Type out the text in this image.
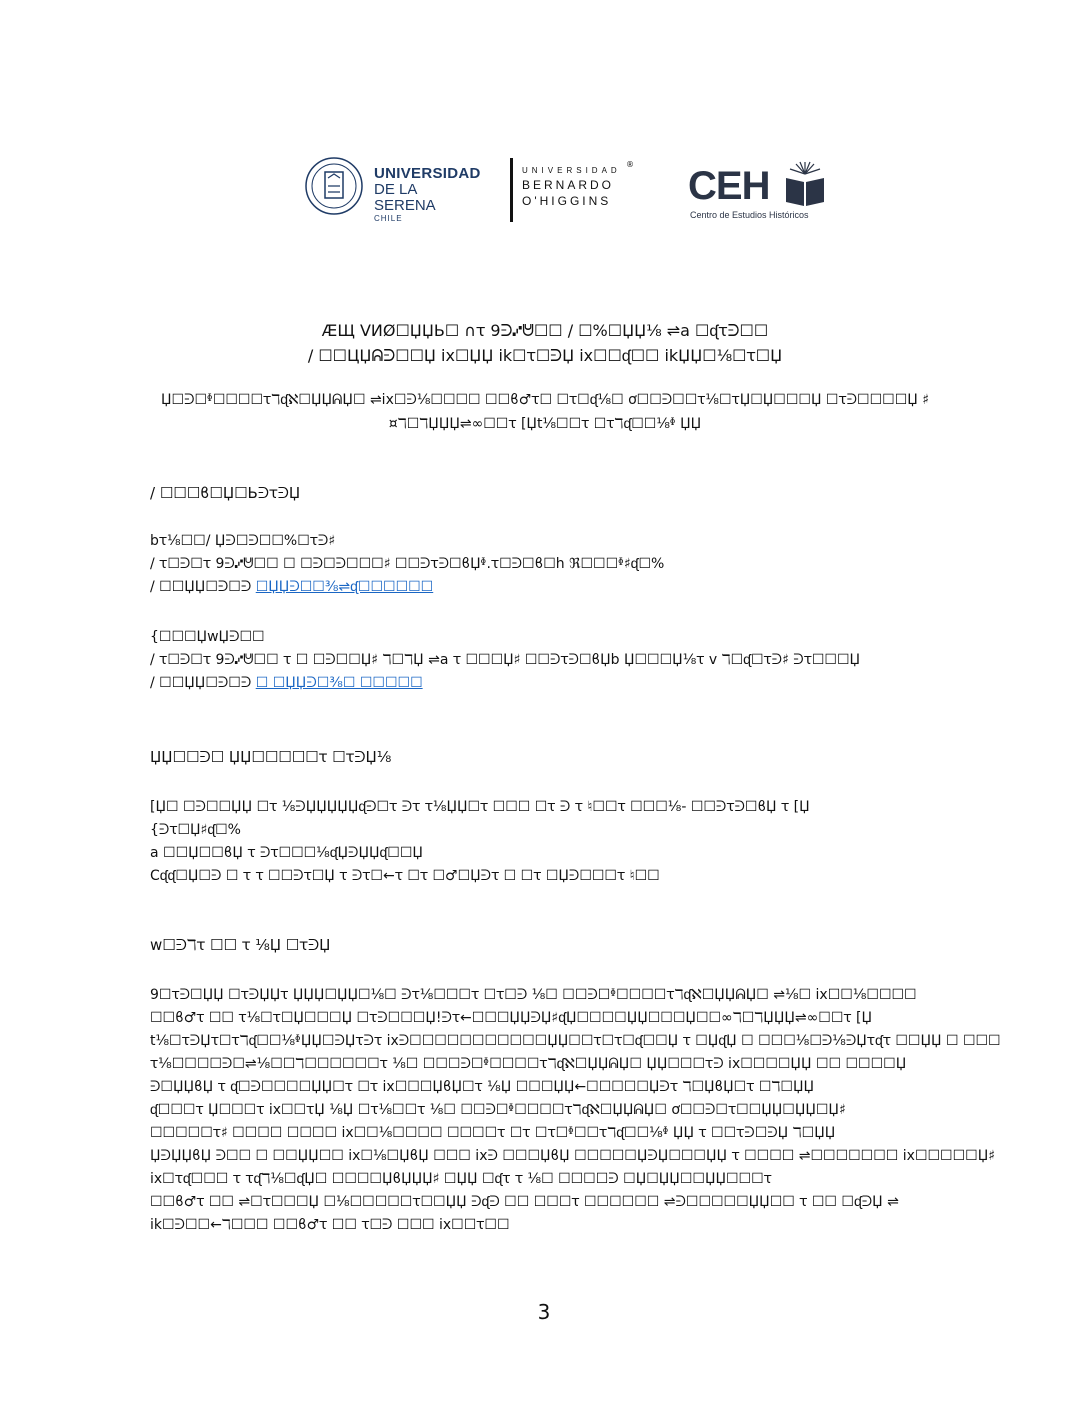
UNIVERSIDAD
DE LA SERENA
CHILE
UNIVERSIDAD
BERNARDO
O'HIGGINS
® CEH
Centro de Estudios Históricos
ÆЩ VИØ☐ЏЏЬ☐ ∩ꚍ 9ᕭ⑇ᕰ☐☐ / ☐%☐ЏЏ⅛ ⇌a ☐ᶑꚍᕭ☐☐
/ ☐☐ЦЏᕱᕭ☐☐Џ ix☐ЏЏ ik☐ꚍ☐ᕭЏ ix☐☐ᶑ☐☐ ikЏЏ☐⅛☐ꚍ☐Џ
Џ☐ᕭ☐ᶲ☐☐☐☐ꚍℸᶑℵ☐ЏЏᕱЏ☐ ⇌ix☐ᕭ⅛☐☐☐☐ ☐☐ϐ♂ꚍ☐ ☐ꚍ☐ᶑ⅛☐ ơ☐☐ᕭ☐☐ꚍ⅛☐ꚍЏ☐Џ☐☐☐Џ ☐ꚍᕭ☐☐☐☐Џ ♯
¤ℸ☐ℸЏЏЏ⇌∞☐☐ꚍ [Џt⅛☐☐ꚍ ☐ꚍℸᶑ☐☐⅛ᶲ ЏЏ
/ ☐☐☐ϐ☐Џ☐ЬᕭꚍᕭЏ
bꚍ⅛☐☐/ Џᕭ☐ᕭ☐☐%☐ꚍᕭ♯
/ ꚍ☐ᕭ☐ꚍ 9ᕭ⑇ᕰ☐☐ ☐ ☐ᕭ☐ᕭ☐☐☐♯ ☐☐ᕭꚍᕭ☐ϐЏᶲ.ꚍ☐ᕭ☐ϐ☐h ℜ☐☐☐ᶲ♯ᶑ☐%
/ ☐☐ЏЏ☐ᕭ☐ᕭ ☐ЏЏᕭ☐☐⅜⇌ᶑ☐☐☐☐☐☐
{☐☐☐ЏwЏᕭ☐☐
/ ꚍ☐ᕭ☐ꚍ 9ᕭ⑇ᕰ☐☐ ꚍ ☐ ☐ᕭ☐☐Џ♯ ℸ☐ℸЏ ⇌a ꚍ ☐☐☐Џ♯ ☐☐ᕭꚍᕭ☐ϐЏb Џ☐☐☐Џ⅛ꚍ v ℸ☐ᶑ☐ꚍᕭ♯ ᕭꚍ☐☐☐Џ
/ ☐☐ЏЏ☐ᕭ☐ᕭ ☐ ☐ЏЏᕭ☐⅜☐ ☐☐☐☐☐
ЏЏ☐☐ᕭ☐ ЏЏ☐☐☐☐☐ꚍ ☐ꚍᕭЏ⅛
[Џ☐ ☐ᕭ☐☐ЏЏ ☐ꚍ ⅛ᕭЏЏЏЏЏᶑᕭ☐ꚍ ᕭꚍ ꚍ⅛ЏЏ☐ꚍ ☐☐☐ ☐ꚍ ᕭ ꚍ ♮☐☐ꚍ ☐☐☐⅛- ☐☐ᕭꚍᕭ☐ϐЏ ꚍ [Џ
{ᕭꚍ☐Џ♯ᶑ☐%
a ☐☐Џ☐☐ϐЏ ꚍ ᕭꚍ☐☐☐⅛ᶑЏᕭЏЏᶑ☐☐Џ
Cᶑᶑ☐Џ☐ᕭ ☐ ꚍ ꚍ ☐☐ᕭꚍ☐Џ ꚍ ᕭꚍ☐←ꚍ ☐ꚍ ☐♂☐Џᕭꚍ ☐ ☐ꚍ ☐Џᕭ☐☐☐ꚍ ♮☐☐
w☐ᕭℸꚍ ☐☐ ꚍ ⅛Џ ☐ꚍᕭЏ
9☐ꚍᕭ☐ЏЏ ☐ꚍᕭЏЏꚍ ЏЏЏ☐ЏЏ☐⅛☐ ᕭꚍ⅛☐☐☐ꚍ ☐ꚍ☐ᕭ ⅛☐ ☐☐ᕭ☐ᶲ☐☐☐☐ꚍℸᶑℵ☐ЏЏᕱЏ☐ ⇌⅛☐ ix☐☐⅛☐☐☐☐
☐☐ϐ♂ꚍ ☐☐ ꚍ⅛☐ꚍ☐Џ☐☐☐Џ ☐ꚍᕭ☐☐☐Џ!ᕭꚍ←☐☐☐ЏЏᕭЏ♯ᶑЏ☐☐☐☐ЏЏ☐☐☐Џ☐☐∞ℸ☐ℸЏЏЏ⇌∞☐☐ꚍ [Џ
t⅛☐ꚍᕭЏꚍ☐ꚍℸᶑ☐☐⅛ᶲЏЏ☐ᕭЏꚍᕭꚍ ixᕭ☐☐☐☐☐☐☐☐☐☐☐ЏЏ☐☐ꚍ☐ꚍ☐ᶑ☐☐Џ ꚍ ☐ЏᶑЏ ☐ ☐☐☐⅛☐ᕭ⅛ᕭЏꚍᶑꚍ ☐☐ЏЏ ☐ ☐☐☐
ꚍ⅛☐☐☐☐ᕭ☐⇌⅛☐☐ℸ☐☐☐☐☐☐ꚍ ⅛☐ ☐☐☐ᕭ☐ᶲ☐☐☐☐ꚍℸᶑℵ☐ЏЏᕱЏ☐ ЏЏ☐☐☐ꚍᕭ ix☐☐☐☐ЏЏ ☐☐ ☐☐☐☐Џ
ᕭ☐ЏЏϐЏ ꚍ ᶑ☐ᕭ☐☐☐☐ЏЏ☐ꚍ ☐ꚍ ix☐☐☐ЏϐЏ☐ꚍ ⅛Џ ☐☐☐ЏЏ←☐☐☐☐☐Џᕭꚍ ℸ☐ЏϐЏ☐ꚍ ☐ℸ☐ЏЏ
ᶑ☐☐☐ꚍ Џ☐☐☐ꚍ ix☐☐ꚍЏ ⅛Џ ☐ꚍ⅛☐☐ꚍ ⅛☐ ☐☐ᕭ☐ᶲ☐☐☐☐ꚍℸᶑℵ☐ЏЏᕱЏ☐ ơ☐☐ᕭ☐ꚍ☐☐ЏЏ☐ЏЏ☐Џ♯
☐☐☐☐☐ꚍ♯ ☐☐☐☐ ☐☐☐☐ ix☐☐⅛☐☐☐☐ ☐☐☐☐ꚍ ☐ꚍ ☐ꚍ☐ᶲ☐☐ꚍℸᶑ☐☐⅛ᶲ ЏЏ ꚍ ☐☐ꚍᕭ☐ᕭЏ ℸ☐ЏЏ
ЏᕭЏЏϐЏ ᕭ☐☐ ☐ ☐☐ЏЏ☐☐ ix☐⅛☐ЏϐЏ ☐☐☐ ixᕭ ☐☐☐ЏϐЏ ☐☐☐☐☐ЏᕭЏ☐☐☐ЏЏ ꚍ ☐☐☐☐ ⇌☐☐☐☐☐☐☐ ix☐☐☐☐☐Џ♯
ix☐ꚍᶑ☐☐☐ ꚍ ꚍᶑℸ⅛☐ᶑЏ☐ ☐☐☐☐ЏϐЏЏЏ♯ ☐ЏЏ ☐ᶑꚍ ꚍ ⅛☐ ☐☐☐☐ᕭ ☐Џ☐ЏЏ☐☐ЏЏ☐☐☐ꚍ
☐☐ϐ♂ꚍ ☐☐ ⇌☐ꚍ☐☐☐Џ ☐⅛☐☐☐☐☐ꚍ☐☐ЏЏ ᕭᶑᕭ ☐☐ ☐☐☐ꚍ ☐☐☐☐☐☐ ⇌ᕭ☐☐☐☐☐ЏЏ☐☐ ꚍ ☐☐ ☐ᶑᕭЏ ⇌
ik☐ᕭ☐☐←ℸ☐☐☐ ☐☐ϐ♂ꚍ ☐☐ ꚍ☐ᕭ ☐☐☐ ix☐☐ꚍ☐☐
3
